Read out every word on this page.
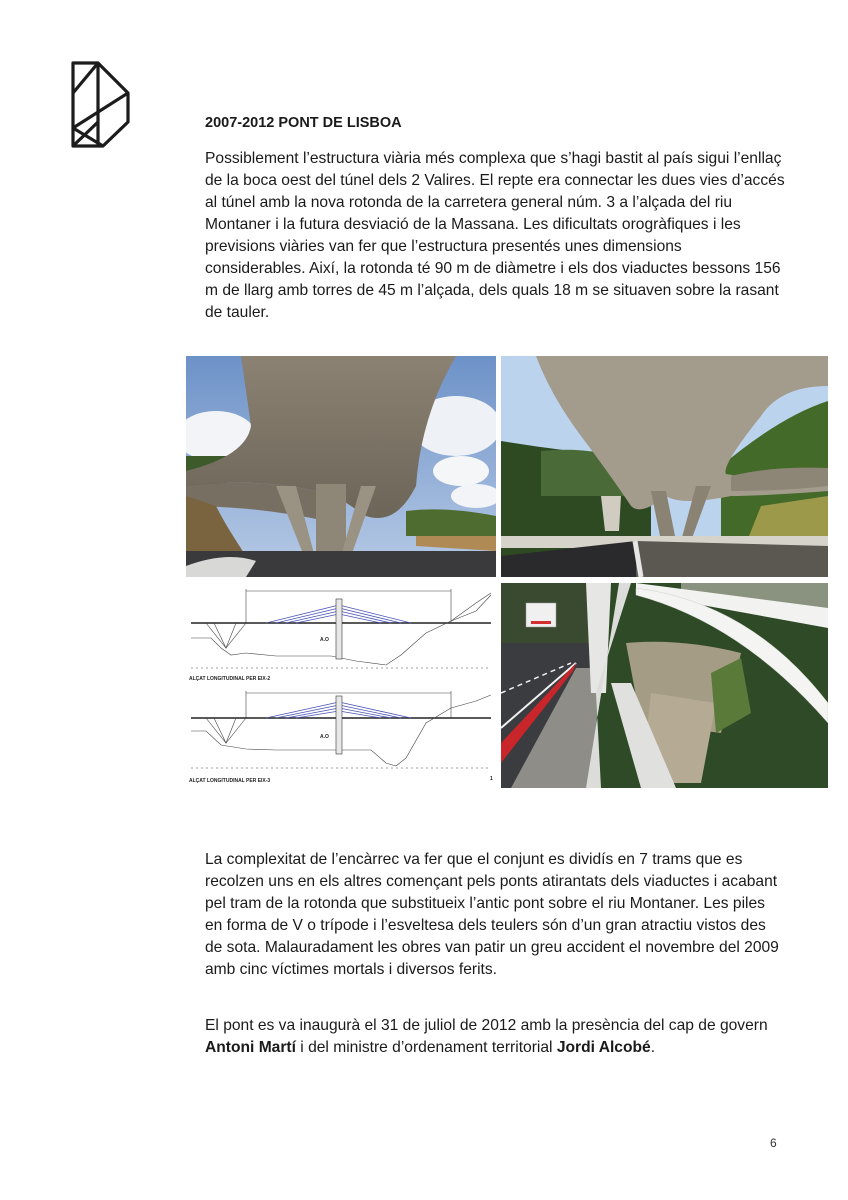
2007-2012 PONT DE LISBOA

Possiblement l’estructura viària més complexa que s’hagi bastit al país sigui l’enllaç de la boca oest del túnel dels 2 Valires. El repte era connectar les dues vies d’accés al túnel amb la nova rotonda de la carretera general núm. 3 a l’alçada del riu Montaner i la futura desviació de la Massana. Les dificultats orogràfiques i les previsions viàries van fer que l’estructura presentés unes dimensions considerables. Així, la rotonda té 90 m de diàmetre i els dos viaductes bessons 156 m de llarg amb torres de 45 m l’alçada, dels quals 18 m se situaven sobre la rasant de tauler.

A.O
ALÇAT LONGITUDINAL PER EIX-2
A.O
ALÇAT LONGITUDINAL PER EIX-3	1

La complexitat de l’encàrrec va fer que el conjunt es dividís en 7 trams que es recolzen uns en els altres començant pels ponts atirantats dels viaductes i acabant pel tram de la rotonda que substitueix l’antic pont sobre el riu Montaner. Les piles en forma de V o trípode i l’esveltesa dels teulers són d’un gran atractiu vistos des de sota. Malauradament les obres van patir un greu accident el novembre del 2009 amb cinc víctimes mortals i diversos ferits.

El pont es va inaugurà el 31 de juliol de 2012 amb la presència del cap de govern Antoni Martí i del ministre d’ordenament territorial Jordi Alcobé.

6
